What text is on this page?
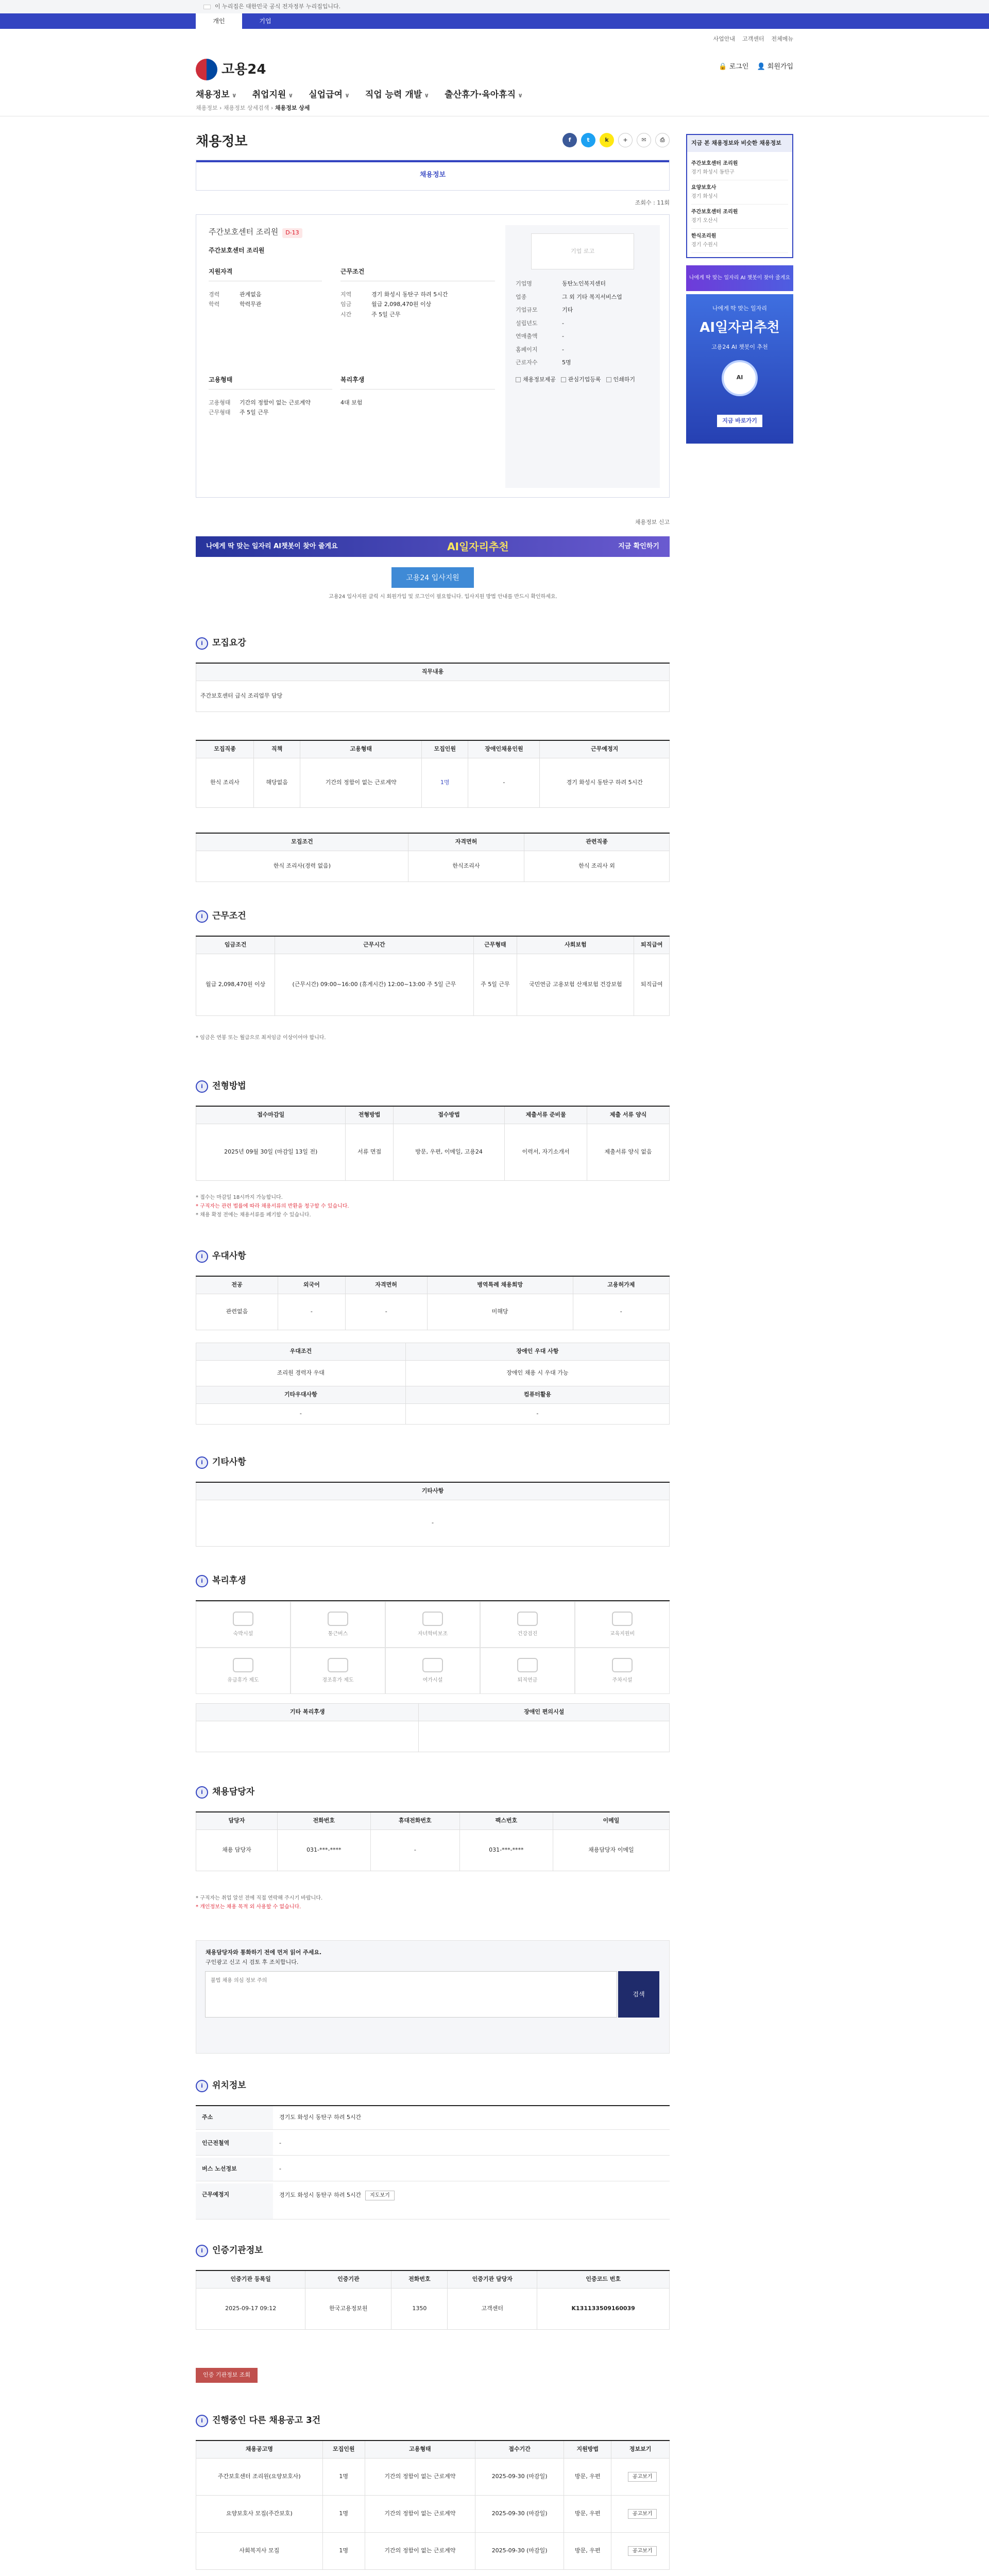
이 누리집은 대한민국 공식 전자정부 누리집입니다.
개인	기업
사업안내 고객센터 전체메뉴
고용24	🔒 로그인 👤 회원가입
채용정보 ∨	취업지원 ∨	실업급여 ∨	직업 능력 개발 ∨	출산휴가·육아휴직 ∨
채용정보 › 채용정보 상세검색 › 채용정보 상세
채용정보	f	t	k	+	✉	⎙
채용정보
조회수 : 11회
주간보호센터 조리원 D-13
주간보호센터 조리원
지원자격
경력	관계없음
학력	학력무관
근무조건
지역	경기 화성시 동탄구 하려 5시간
임금	월급 2,098,470원 이상
시간	주 5일 근무
고용형태
고용형태	기간의 정함이 없는 근로계약
근무형태	주 5일 근무
복리후생
4대 보험
기업 로고
기업명	동탄노인복지센터
업종	그 외 기타 복지서비스업
기업규모	기타
설립년도	-
연매출액	-
홈페이지	-
근로자수	5명
채용정보제공	관심기업등록	인쇄하기
채용정보 신고
나에게 딱 맞는 일자리 AI챗봇이 찾아 줄게요	AI일자리추천	지금 확인하기
고용24 입사지원
고용24 입사지원 클릭 시 회원가입 및 로그인이 필요합니다. 입사지원 방법 안내를 반드시 확인하세요.
i	모집요강
직무내용
주간보호센터 급식 조리업무 담당
모집직종	직책	고용형태	모집인원	장애인채용인원	근무예정지
한식 조리사	해당없음	기간의 정함이 없는 근로계약	1명	-	경기 화성시 동탄구 하려 5시간
모집조건	자격면허	관련직종
한식 조리사(경력 없음)	한식조리사	한식 조리사 외
i	근무조건
임금조건	근무시간	근무형태	사회보험	퇴직급여
월급 2,098,470원 이상	(근무시간) 09:00~16:00 (휴게시간) 12:00~13:00 주 5일 근무	주 5일 근무	국민연금 고용보험 산재보험 건강보험	퇴직급여
* 임금은 연봉 또는 월급으로 최저임금 이상이어야 합니다.
i	전형방법
접수마감일	전형방법	접수방법	제출서류 준비물	제출 서류 양식
2025년 09월 30일 (마감일 13일 전)	서류 면접	방문, 우편, 이메일, 고용24	이력서, 자기소개서	제출서류 양식 없음
* 접수는 마감일 18시까지 가능합니다.
* 구직자는 관련 법률에 따라 채용서류의 반환을 청구할 수 있습니다.
* 채용 확정 전에는 채용서류를 폐기할 수 있습니다.
i	우대사항
전공	외국어	자격면허	병역특례 채용희망	고용허가제
관련없음	-	-	미해당	-
우대조건	장애인 우대 사항
조리원 경력자 우대	장애인 채용 시 우대 가능
기타우대사항	컴퓨터활용
-	-
i	기타사항
기타사항
-
i	복리후생
숙박시설	통근버스	자녀학비보조	건강검진	교육지원비
유급휴가 제도	경조휴가 제도	여가시설	퇴직연금	주차시설
기타 복리후생	장애인 편의시설

i	채용담당자
담당자	전화번호	휴대전화번호	팩스번호	이메일
채용 담당자	031-***-****	-	031-***-****	채용담당자 이메일
* 구직자는 취업 알선 전에 직접 연락해 주시기 바랍니다.
* 개인정보는 채용 목적 외 사용할 수 없습니다.
채용담당자와 통화하기 전에 먼저 읽어 주세요.
구인광고 신고 시 검토 후 조치합니다.
불법 채용 의심 정보 주의
검색
i	위치정보
주소	경기도 화성시 동탄구 하려 5시간
인근전철역	-
버스 노선정보	-
근무예정지	경기도 화성시 동탄구 하려 5시간 지도보기
i	인증기관정보
인증기관 등록일	인증기관	전화번호	인증기관 담당자	인증코드 번호
2025-09-17 09:12	한국고용정보원	1350	고객센터	K131133509160039
인증 기관정보 조회
i	진행중인 다른 채용공고 3건
채용공고명	모집인원	고용형태	접수기간	지원방법	정보보기
주간보호센터 조리원(요양보호사)	1명	기간의 정함이 없는 근로계약	2025-09-30 (마감일)	방문, 우편	공고보기
요양보호사 모집(주간보호)	1명	기간의 정함이 없는 근로계약	2025-09-30 (마감일)	방문, 우편	공고보기
사회복지사 모집	1명	기간의 정함이 없는 근로계약	2025-09-30 (마감일)	방문, 우편	공고보기
지금 본 채용정보와 비슷한 채용정보
주간보호센터 조리원
경기 화성시 동탄구
요양보호사
경기 화성시
주간보호센터 조리원
경기 오산시
한식조리원
경기 수원시
나에게 딱 맞는 일자리 AI 챗봇이 찾아 줄게요
나에게 딱 맞는 일자리
AI일자리추천
고용24 AI 챗봇이 추천
AI
지금 바로가기
